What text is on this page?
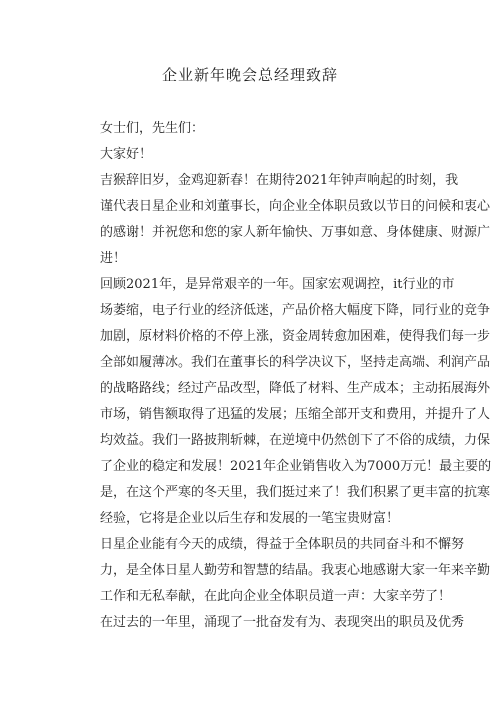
企业新年晚会总经理致辞
女士们，先生们：
大家好！
吉猴辞旧岁，金鸡迎新春！在期待2021年钟声响起的时刻，我
谨代表日星企业和刘董事长，向企业全体职员致以节日的问候和衷心
的感谢！并祝您和您的家人新年愉快、万事如意、身体健康、财源广
进！
回顾2021年，是异常艰辛的一年。国家宏观调控，it行业的市
场萎缩，电子行业的经济低迷，产品价格大幅度下降，同行业的竞争
加剧，原材料价格的不停上涨，资金周转愈加困难，使得我们每一步
全部如履薄冰。我们在董事长的科学决议下，坚持走高端、利润产品
的战略路线；经过产品改型，降低了材料、生产成本；主动拓展海外
市场，销售额取得了迅猛的发展；压缩全部开支和费用，并提升了人
均效益。我们一路披荆斩棘，在逆境中仍然创下了不俗的成绩，力保
了企业的稳定和发展！2021年企业销售收入为7000万元！最主要的
是，在这个严寒的冬天里，我们挺过来了！我们积累了更丰富的抗寒
经验，它将是企业以后生存和发展的一笔宝贵财富！
日星企业能有今天的成绩，得益于全体职员的共同奋斗和不懈努
力，是全体日星人勤劳和智慧的结晶。我衷心地感谢大家一年来辛勤
工作和无私奉献，在此向企业全体职员道一声：大家辛劳了！
在过去的一年里，涌现了一批奋发有为、表现突出的职员及优秀
